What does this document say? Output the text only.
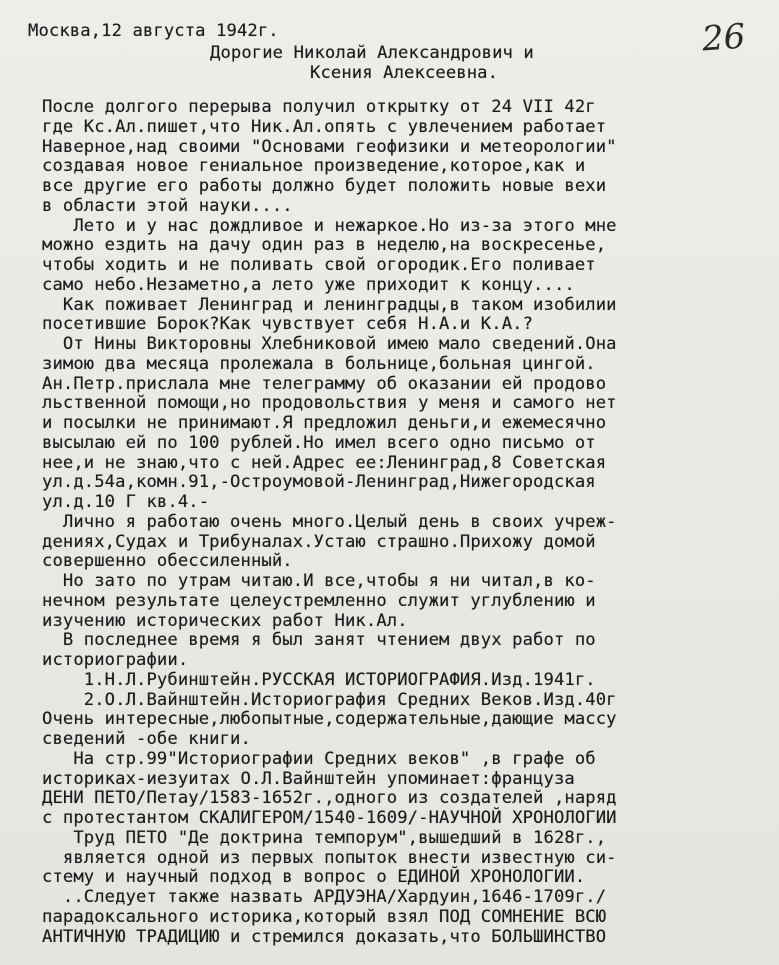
26
Москва,12 августа 1942г.
Дорогие Николай Александрович и
Ксения Алексеевна.
После долгого перерыва получил открытку от 24 VII 42г
где Кс.Ал.пишет,что Ник.Ал.опять с увлечением работает
Наверное,над своими "Основами геофизики и метеорологии"
создавая новое гениальное произведение,которое,как и
все другие его работы должно будет положить новые вехи
в области этой науки....
Лето и у нас дождливое и нежаркое.Но из-за этого мне
можно ездить на дачу один раз в неделю,на воскресенье,
чтобы ходить и не поливать свой огородик.Его поливает
само небо.Незаметно,а лето уже приходит к концу....
Как поживает Ленинград и ленинградцы,в таком изобилии
посетившие Борок?Как чувствует себя Н.А.и К.А.?
От Нины Викторовны Хлебниковой имею мало сведений.Она
зимою два месяца пролежала в больнице,больная цингой.
Ан.Петр.прислала мне телеграмму об оказании ей продово
льственной помощи,но продовольствия у меня и самого нет
и посылки не принимают.Я предложил деньги,и ежемесячно
высылаю ей по 100 рублей.Но имел всего одно письмо от
нее,и не знаю,что с ней.Адрес ее:Ленинград,8 Советская
ул.д.54а,комн.91,-Остроумовой-Ленинград,Нижегородская
ул.д.10 Г кв.4.-
Лично я работаю очень много.Целый день в своих учреж-
дениях,Судах и Трибуналах.Устаю страшно.Прихожу домой
совершенно обессиленный.
Но зато по утрам читаю.И все,чтобы я ни читал,в ко-
нечном результате целеустремленно служит углублению и
изучению исторических работ Ник.Ал.
В последнее время я был занят чтением двух работ по
историографии.
1.Н.Л.Рубинштейн.РУССКАЯ ИСТОРИОГРАФИЯ.Изд.1941г.
2.О.Л.Вайнштейн.Историография Средних Веков.Изд.40г
Очень интересные,любопытные,содержательные,дающие массу
сведений -обе книги.
На стр.99"Историографии Средних веков" ,в графе об
историках-иезуитах О.Л.Вайнштейн упоминает:француза
ДЕНИ ПЕТО/Петау/1583-1652г.,одного из создателей ,наряд
с протестантом СКАЛИГЕРОМ/1540-1609/-НАУЧНОЙ ХРОНОЛОГИИ
Труд ПЕТО "Де доктрина темпорум",вышедший в 1628г.,
является одной из первых попыток внести известную си-
стему и научный подход в вопрос о ЕДИНОЙ ХРОНОЛОГИИ.
..Следует также назвать АРДУЭНА/Хардуин,1646-1709г./
парадоксального историка,который взял ПОД СОМНЕНИЕ ВСЮ
АНТИЧНУЮ ТРАДИЦИЮ и стремился доказать,что БОЛЬШИНСТВО
